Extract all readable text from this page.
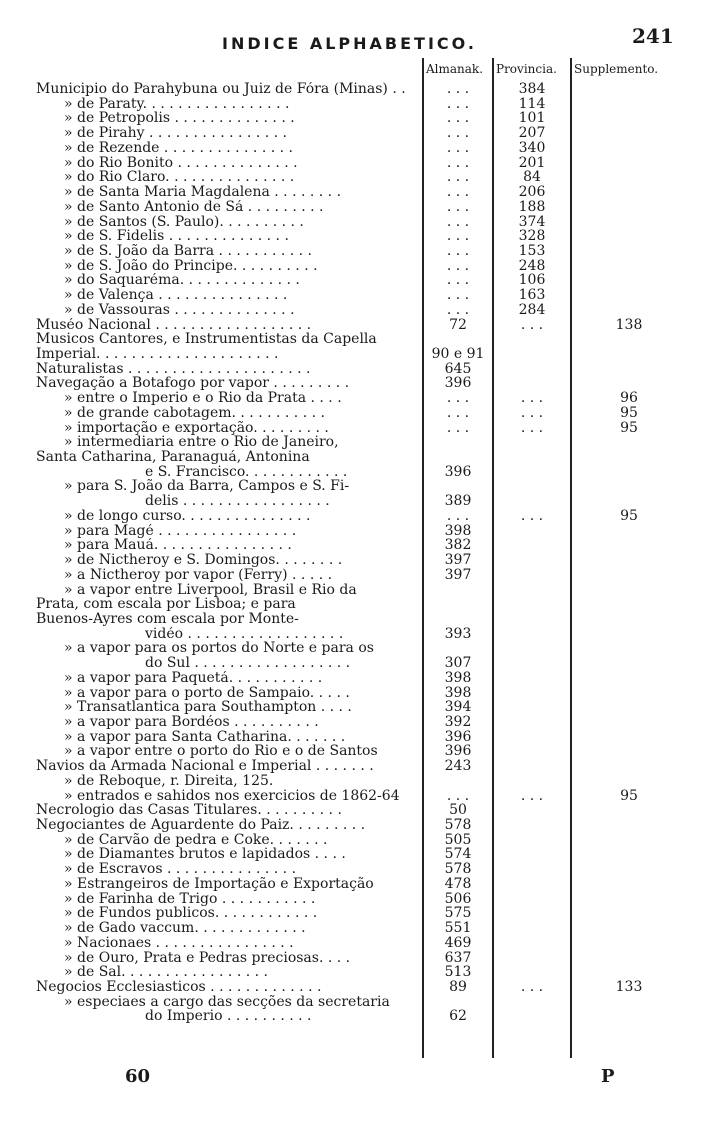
INDICE ALPHABETICO.	241
Almanak. Provincia. Supplemento.
Municipio do Parahybuna ou Juiz de Fóra (Minas) . .	. . .	384
» de Paraty. . . . . . . . . . . . . . . . .	. . .	114
» de Petropolis . . . . . . . . . . . . . .	. . .	101
» de Pirahy . . . . . . . . . . . . . . . .	. . .	207
» de Rezende . . . . . . . . . . . . . . .	. . .	340
» do Rio Bonito . . . . . . . . . . . . . .	. . .	201
» do Rio Claro. . . . . . . . . . . . . . .	. . .	84
» de Santa Maria Magdalena . . . . . . . .	. . .	206
» de Santo Antonio de Sá . . . . . . . . .	. . .	188
» de Santos (S. Paulo). . . . . . . . . .	. . .	374
» de S. Fidelis . . . . . . . . . . . . . .	. . .	328
» de S. João da Barra . . . . . . . . . . .	. . .	153
» de S. João do Principe. . . . . . . . . .	. . .	248
» do Saquaréma. . . . . . . . . . . . . .	. . .	106
» de Valença . . . . . . . . . . . . . . .	. . .	163
» de Vassouras . . . . . . . . . . . . . .	. . .	284
Muséo Nacional . . . . . . . . . . . . . . . . . .	72	. . .	138
Musicos Cantores, e Instrumentistas da Capella
Imperial. . . . . . . . . . . . . . . . . . . . .	90 e 91
Naturalistas . . . . . . . . . . . . . . . . . . . . .	645
Navegação a Botafogo por vapor . . . . . . . . .	396
» entre o Imperio e o Rio da Prata . . . .	. . .	. . .	96
» de grande cabotagem. . . . . . . . . . .	. . .	. . .	95
» importação e exportação. . . . . . . . .	. . .	. . .	95
» intermediaria entre o Rio de Janeiro,
Santa Catharina, Paranaguá, Antonina
e S. Francisco. . . . . . . . . . . .	396
» para S. João da Barra, Campos e S. Fi-
delis . . . . . . . . . . . . . . . . .	389
» de longo curso. . . . . . . . . . . . . . .	. . .	. . .	95
» para Magé . . . . . . . . . . . . . . . .	398
» para Mauá. . . . . . . . . . . . . . . .	382
» de Nictheroy e S. Domingos. . . . . . . .	397
» a Nictheroy por vapor (Ferry) . . . . .	397
» a vapor entre Liverpool, Brasil e Rio da
Prata, com escala por Lisboa; e para
Buenos-Ayres com escala por Monte-
vidéo . . . . . . . . . . . . . . . . . .	393
» a vapor para os portos do Norte e para os
do Sul . . . . . . . . . . . . . . . . . .	307
» a vapor para Paquetá. . . . . . . . . . .	398
» a vapor para o porto de Sampaio. . . . .	398
» Transatlantica para Southampton . . . .	394
» a vapor para Bordéos . . . . . . . . . .	392
» a vapor para Santa Catharina. . . . . . .	396
» a vapor entre o porto do Rio e o de Santos	396
Navios da Armada Nacional e Imperial . . . . . . .	243
» de Reboque, r. Direita, 125.
» entrados e sahidos nos exercicios de 1862-64	. . .	. . .	95
Necrologio das Casas Titulares. . . . . . . . . .	50
Negociantes de Aguardente do Paiz. . . . . . . . .	578
» de Carvão de pedra e Coke. . . . . . .	505
» de Diamantes brutos e lapidados . . . .	574
» de Escravos . . . . . . . . . . . . . . .	578
» Estrangeiros de Importação e Exportação	478
» de Farinha de Trigo . . . . . . . . . . .	506
» de Fundos publicos. . . . . . . . . . . .	575
» de Gado vaccum. . . . . . . . . . . . .	551
» Nacionaes . . . . . . . . . . . . . . . .	469
» de Ouro, Prata e Pedras preciosas. . . .	637
» de Sal. . . . . . . . . . . . . . . . .	513
Negocios Ecclesiasticos . . . . . . . . . . . . .	89	. . .	133
» especiaes a cargo das secções da secretaria
do Imperio . . . . . . . . . .	62
60	P
